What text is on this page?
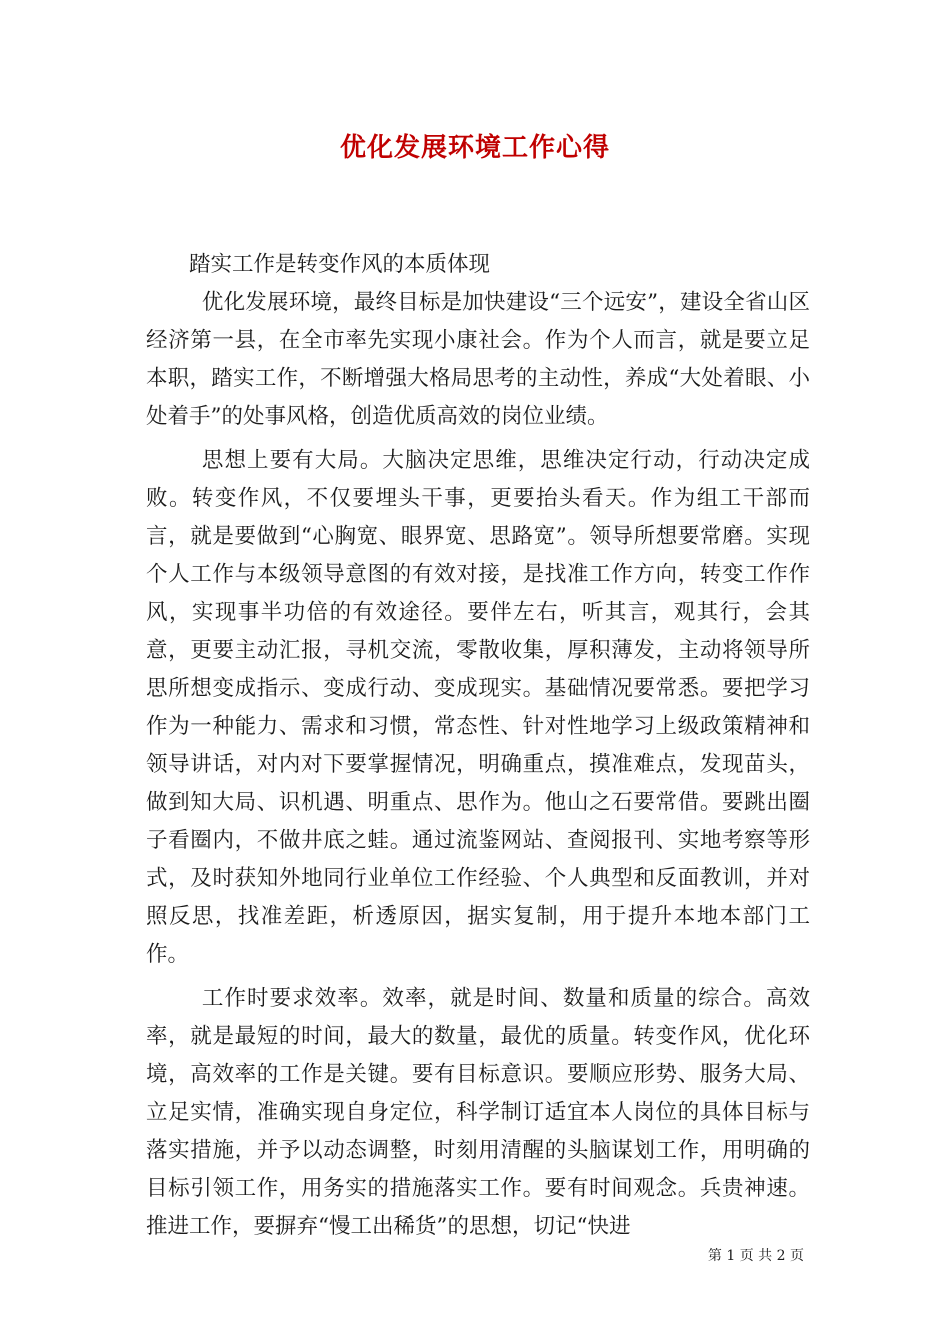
优化发展环境工作心得

踏实工作是转变作风的本质体现

优化发展环境，最终目标是加快建设“三个远安”，建设全省山区经济第一县，在全市率先实现小康社会。作为个人而言，就是要立足本职，踏实工作，不断增强大格局思考的主动性，养成“大处着眼、小处着手”的处事风格，创造优质高效的岗位业绩。

思想上要有大局。大脑决定思维，思维决定行动，行动决定成败。转变作风，不仅要埋头干事，更要抬头看天。作为组工干部而言，就是要做到“心胸宽、眼界宽、思路宽”。领导所想要常磨。实现个人工作与本级领导意图的有效对接，是找准工作方向，转变工作作风，实现事半功倍的有效途径。要伴左右，听其言，观其行，会其意，更要主动汇报，寻机交流，零散收集，厚积薄发，主动将领导所思所想变成指示、变成行动、变成现实。基础情况要常悉。要把学习作为一种能力、需求和习惯，常态性、针对性地学习上级政策精神和领导讲话，对内对下要掌握情况，明确重点，摸准难点，发现苗头，做到知大局、识机遇、明重点、思作为。他山之石要常借。要跳出圈子看圈内，不做井底之蛙。通过流鉴网站、查阅报刊、实地考察等形式，及时获知外地同行业单位工作经验、个人典型和反面教训，并对照反思，找准差距，析透原因，据实复制，用于提升本地本部门工作。

工作时要求效率。效率，就是时间、数量和质量的综合。高效率，就是最短的时间，最大的数量，最优的质量。转变作风，优化环境，高效率的工作是关键。要有目标意识。要顺应形势、服务大局、立足实情，准确实现自身定位，科学制订适宜本人岗位的具体目标与落实措施，并予以动态调整，时刻用清醒的头脑谋划工作，用明确的目标引领工作，用务实的措施落实工作。要有时间观念。兵贵神速。推进工作，要摒弃“慢工出稀货”的思想，切记“快进

第 1 页 共 2 页
